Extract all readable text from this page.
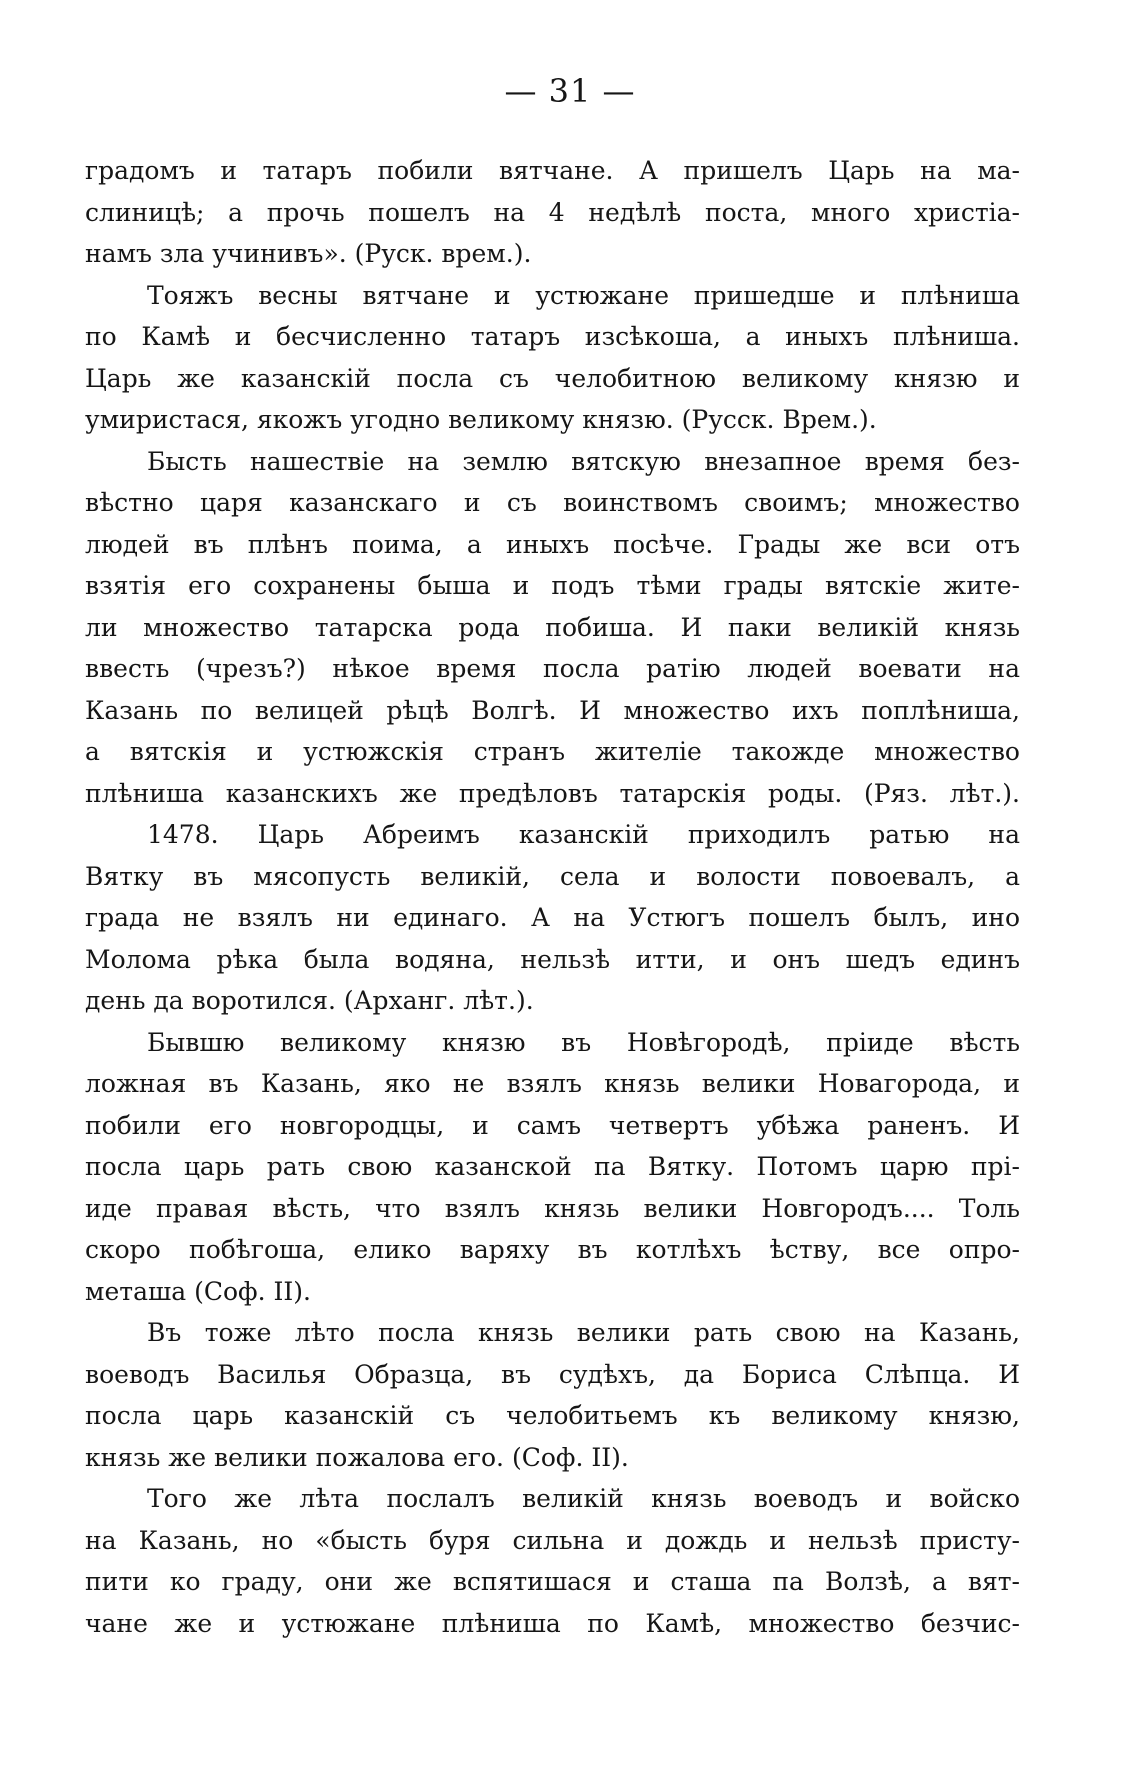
— 31 —

градомъ и татаръ побили вятчане. А пришелъ Царь на ма-
слиницѣ; а прочь пошелъ на 4 недѣлѣ поста, много христіа-
намъ зла учинивъ». (Руск. врем.).

Тояжъ весны вятчане и устюжане пришедше и плѣниша
по Камѣ и бесчисленно татаръ изсѣкоша, а иныхъ плѣниша.
Царь же казанскій посла съ челобитною великому князю и
умиристася, якожъ угодно великому князю. (Русск. Врем.).

Бысть нашествіе на землю вятскую внезапное время без-
вѣстно царя казанскаго и съ воинствомъ своимъ; множество
людей въ плѣнъ поима, а иныхъ посѣче. Грады же вси отъ
взятія его сохранены быша и подъ тѣми грады вятскіе жите-
ли множество татарска рода побиша. И паки великій князь
ввесть (чрезъ?) нѣкое время посла ратію людей воевати на
Казань по велицей рѣцѣ Волгѣ. И множество ихъ поплѣниша,
а вятскія и устюжскія странъ жителіе такожде множество
плѣниша казанскихъ же предѣловъ татарскія роды. (Ряз. лѣт.).

1478. Царь Абреимъ казанскій приходилъ ратью на
Вятку въ мясопусть великій, села и волости повоевалъ, а
града не взялъ ни единаго. А на Устюгъ пошелъ былъ, ино
Молома рѣка была водяна, нельзѣ итти, и онъ шедъ единъ
день да воротился. (Арханг. лѣт.).

Бывшю великому князю въ Новѣгородѣ, пріиде вѣсть
ложная въ Казань, яко не взялъ князь велики Новагорода, и
побили его новгородцы, и самъ четвертъ убѣжа раненъ. И
посла царь рать свою казанской па Вятку. Потомъ царю прі-
иде правая вѣсть, что взялъ князь велики Новгородъ.... Толь
скоро побѣгоша, елико варяху въ котлѣхъ ѣству, все опро-
меташа (Соф. II).

Въ тоже лѣто посла князь велики рать свою на Казань,
воеводъ Василья Образца, въ судѣхъ, да Бориса Слѣпца. И
посла царь казанскій съ челобитьемъ къ великому князю,
князь же велики пожалова его. (Соф. II).

Того же лѣта послалъ великій князь воеводъ и войско
на Казань, но «бысть буря сильна и дождь и нельзѣ присту-
пити ко граду, они же вспятишася и сташа па Волзѣ, а вят-
чане же и устюжане плѣниша по Камѣ, множество безчис-
